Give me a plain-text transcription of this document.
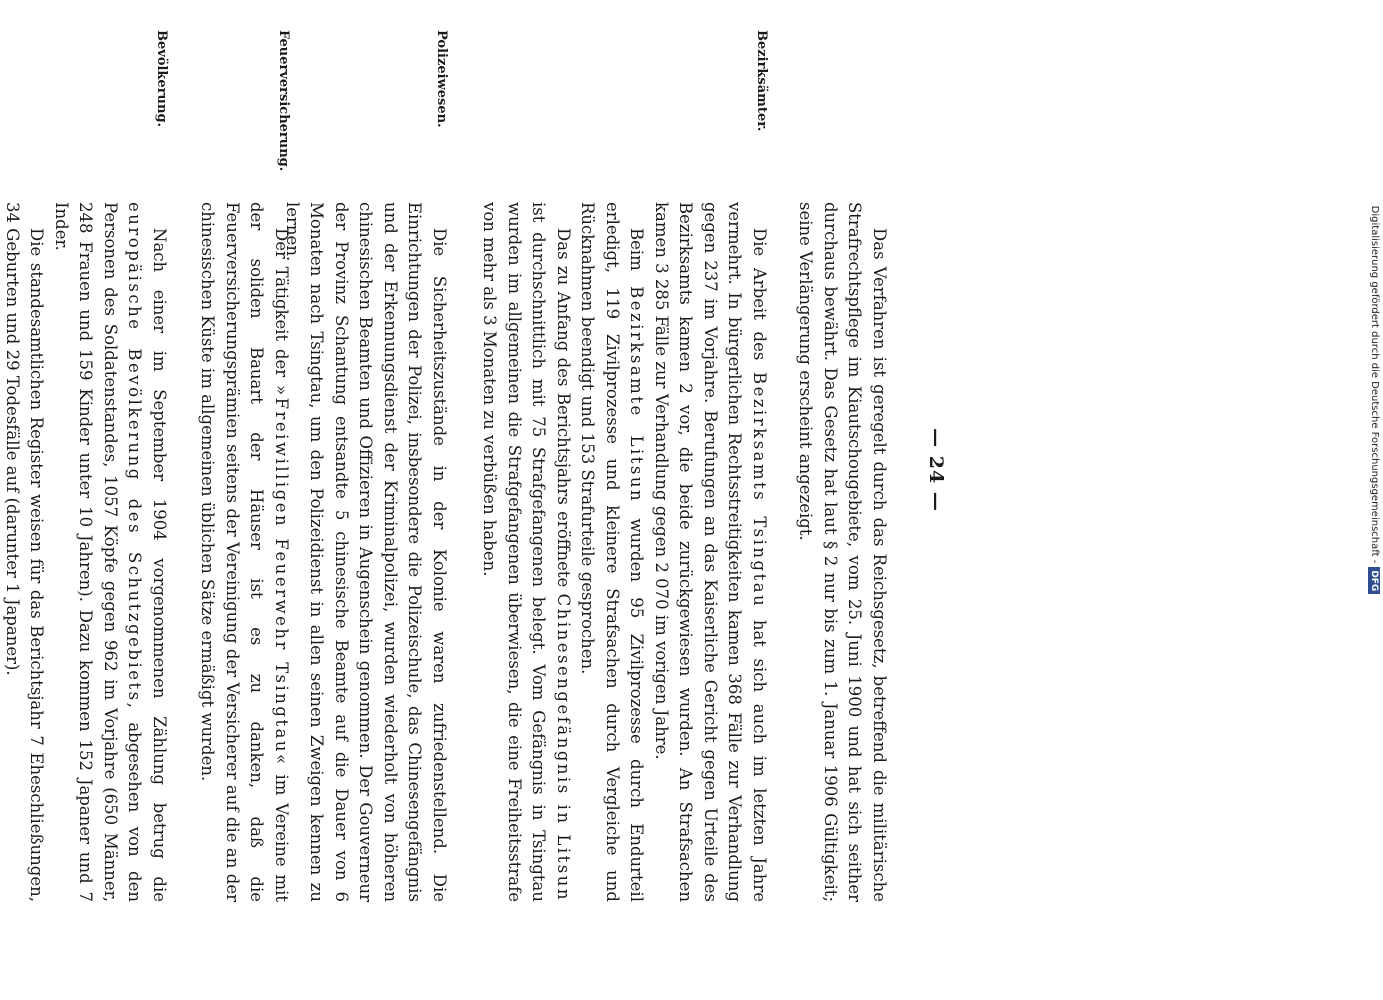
— 24 —

Das Verfahren ist geregelt durch das Reichsgesetz, betreffend die militärische Strafrechtspflege im Kiautschougebiete, vom 25. Juni 1900 und hat sich seither durchaus bewährt. Das Gesetz hat laut § 2 nur bis zum 1. Januar 1906 Gültigkeit; seine Verlängerung erscheint angezeigt.

Bezirksämter.

Die Arbeit des Bezirksamts Tsingtau hat sich auch im letzten Jahre vermehrt. In bürgerlichen Rechtsstreitigkeiten kamen 368 Fälle zur Verhandlung gegen 237 im Vorjahre. Berufungen an das Kaiserliche Gericht gegen Urteile des Bezirksamts kamen 2 vor, die beide zurückgewiesen wurden. An Strafsachen kamen 3 285 Fälle zur Verhandlung gegen 2 070 im vorigen Jahre.

Beim Bezirksamte Litsun wurden 95 Zivilprozesse durch Endurteil erledigt, 119 Zivilprozesse und kleinere Strafsachen durch Vergleiche und Rücknahmen beendigt und 153 Strafurteile gesprochen.

Das zu Anfang des Berichtsjahrs eröffnete Chinesengefängnis in Litsun ist durchschnittlich mit 75 Strafgefangenen belegt. Vom Gefängnis in Tsingtau wurden im allgemeinen die Strafgefangenen überwiesen, die eine Freiheitsstrafe von mehr als 3 Monaten zu verbüßen haben.

Polizeiwesen.

Die Sicherheitszustände in der Kolonie waren zufriedenstellend. Die Einrichtungen der Polizei, insbesondere die Polizeischule, das Chinesengefängnis und der Erkennungsdienst der Kriminalpolizei, wurden wiederholt von höheren chinesischen Beamten und Offizieren in Augenschein genommen. Der Gouverneur der Provinz Schantung entsandte 5 chinesische Beamte auf die Dauer von 6 Monaten nach Tsingtau, um den Polizeidienst in allen seinen Zweigen kennen zu lernen.

Feuerversicherung.

Der Tätigkeit der »Freiwilligen Feuerwehr Tsingtau« im Vereine mit der soliden Bauart der Häuser ist es zu danken, daß die Feuerversicherungsprämien seitens der Vereinigung der Versicherer auf die an der chinesischen Küste im allgemeinen üblichen Sätze ermäßigt wurden.

Bevölkerung.

Nach einer im September 1904 vorgenommenen Zählung betrug die europäische Bevölkerung des Schutzgebiets, abgesehen von den Personen des Soldatenstandes, 1057 Köpfe gegen 962 im Vorjahre (650 Männer, 248 Frauen und 159 Kinder unter 10 Jahren). Dazu kommen 152 Japaner und 7 Inder.

Die standesamtlichen Register weisen für das Berichtsjahr 7 Eheschließungen, 34 Geburten und 29 Todesfälle auf (darunter 1 Japaner).	Digitalisierung gefördert durch die Deutsche Forschungsgemeinschaft -DFG
